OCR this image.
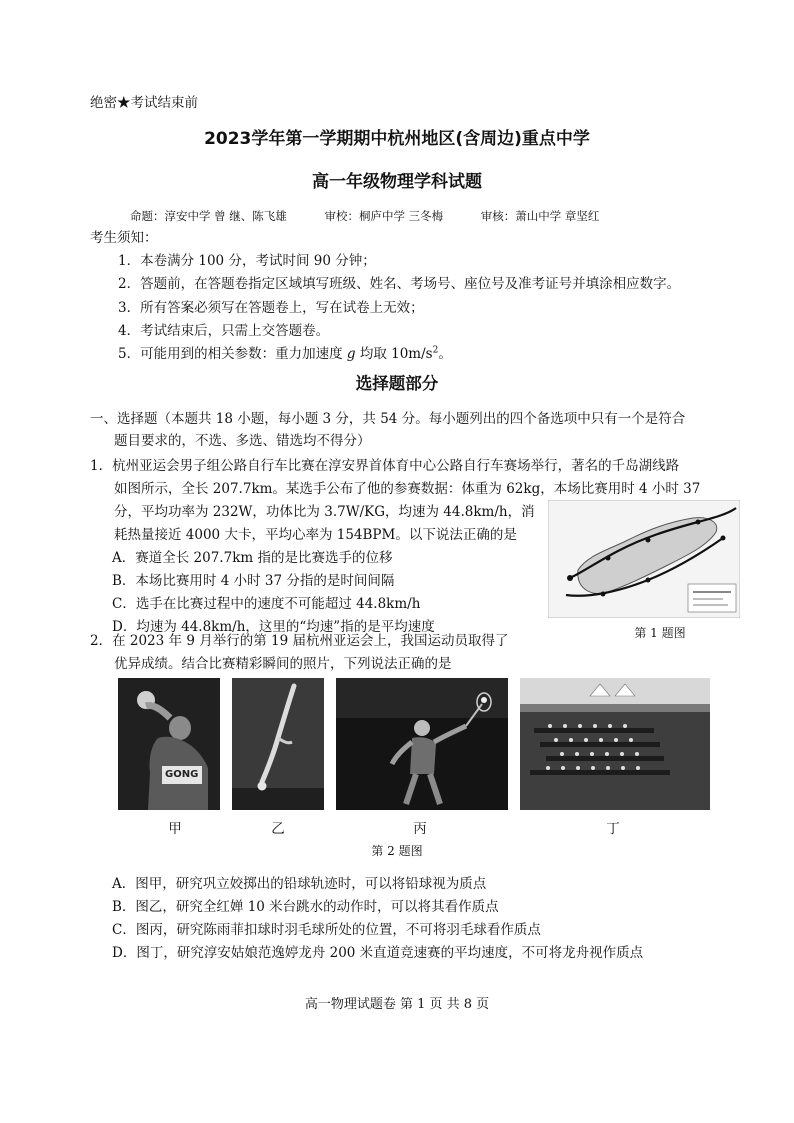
绝密★考试结束前
2023学年第一学期期中杭州地区(含周边)重点中学
高一年级物理学科试题
命题：淳安中学 曾 继、陈飞雄	审校：桐庐中学 三冬梅	审核：萧山中学 章坚红
考生须知：
1．本卷满分 100 分，考试时间 90 分钟；
2．答题前，在答题卷指定区域填写班级、姓名、考场号、座位号及准考证号并填涂相应数字。
3．所有答案必须写在答题卷上，写在试卷上无效；
4．考试结束后，只需上交答题卷。
5．可能用到的相关参数：重力加速度 g 均取 $10m/s^2$。
选择题部分
一、选择题（本题共 18 小题，每小题 3 分，共 54 分。每小题列出的四个备选项中只有一个是符合
题目要求的，不选、多选、错选均不得分）
1．杭州亚运会男子组公路自行车比赛在淳安界首体育中心公路自行车赛场举行，著名的千岛湖线路
如图所示，全长 207.7km。某选手公布了他的参赛数据：体重为 62kg，本场比赛用时 4 小时 37
分，平均功率为 232W，功体比为 3.7W/KG，均速为 44.8km/h，消
耗热量接近 4000 大卡，平均心率为 154BPM。以下说法正确的是
A．赛道全长 207.7km 指的是比赛选手的位移
B．本场比赛用时 4 小时 37 分指的是时间间隔
C．选手在比赛过程中的速度不可能超过 44.8km/h
D．均速为 44.8km/h，这里的“均速”指的是平均速度	第 1 题图
2．在 2023 年 9 月举行的第 19 届杭州亚运会上，我国运动员取得了
优异成绩。结合比赛精彩瞬间的照片，下列说法正确的是
GONG
甲	乙	丙	丁
第 2 题图
A．图甲，研究巩立姣掷出的铅球轨迹时，可以将铅球视为质点
B．图乙，研究全红婵 10 米台跳水的动作时，可以将其看作质点
C．图丙，研究陈雨菲扣球时羽毛球所处的位置，不可将羽毛球看作质点
D．图丁，研究淳安姑娘范逸婷龙舟 200 米直道竞速赛的平均速度，不可将龙舟视作质点
高一物理试题卷 第 1 页 共 8 页
